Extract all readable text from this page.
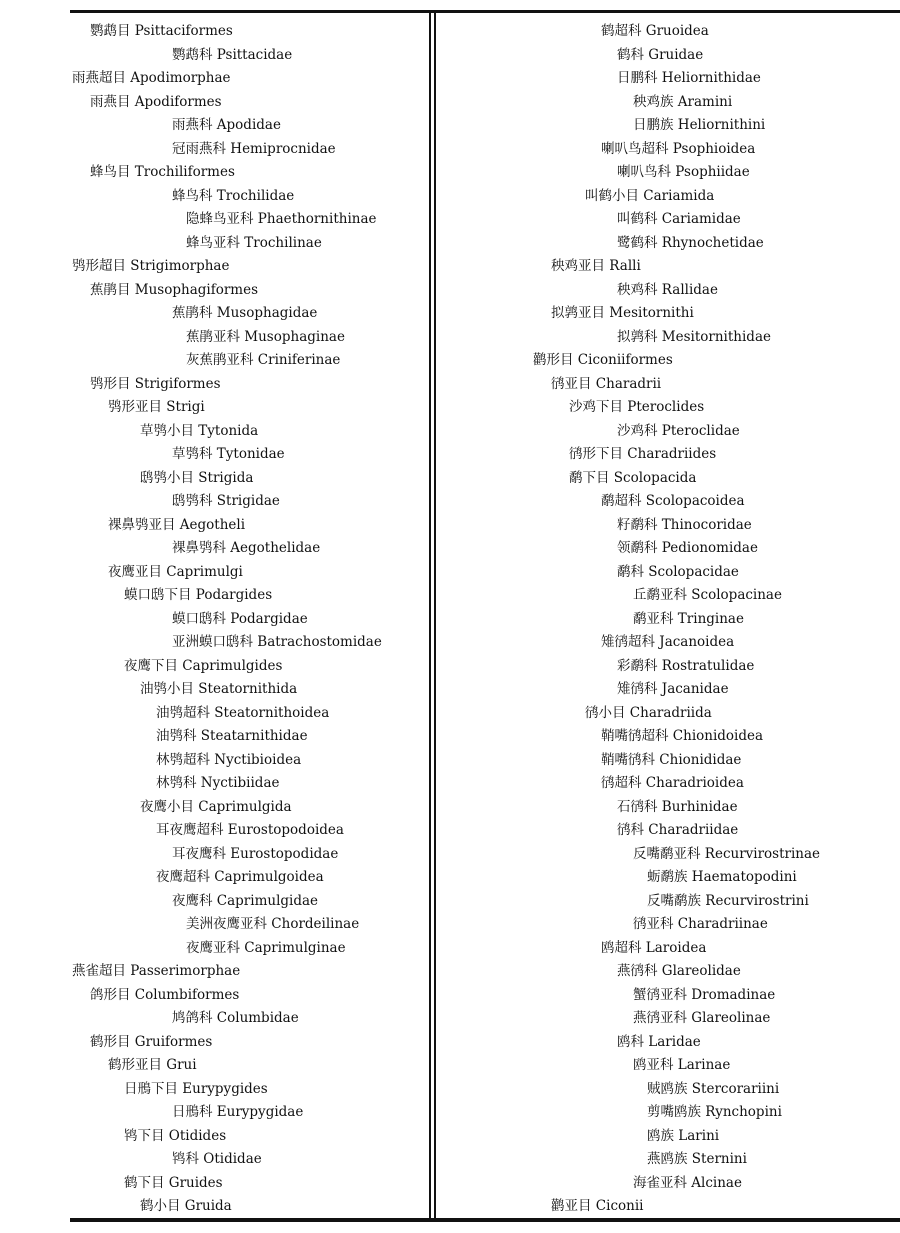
鹦鹉目 Psittaciformes
鹦鹉科 Psittacidae
雨燕超目 Apodimorphae
雨燕目 Apodiformes
雨燕科 Apodidae
冠雨燕科 Hemiprocnidae
蜂鸟目 Trochiliformes
蜂鸟科 Trochilidae
隐蜂鸟亚科 Phaethornithinae
蜂鸟亚科 Trochilinae
鸮形超目 Strigimorphae
蕉鹃目 Musophagiformes
蕉鹃科 Musophagidae
蕉鹃亚科 Musophaginae
灰蕉鹃亚科 Criniferinae
鸮形目 Strigiformes
鸮形亚目 Strigi
草鸮小目 Tytonida
草鸮科 Tytonidae
鸱鸮小目 Strigida
鸱鸮科 Strigidae
裸鼻鸮亚目 Aegotheli
裸鼻鸮科 Aegothelidae
夜鹰亚目 Caprimulgi
蟆口鸱下目 Podargides
蟆口鸱科 Podargidae
亚洲蟆口鸱科 Batrachostomidae
夜鹰下目 Caprimulgides
油鸮小目 Steatornithida
油鸮超科 Steatornithoidea
油鸮科 Steatarnithidae
林鸮超科 Nyctibioidea
林鸮科 Nyctibiidae
夜鹰小目 Caprimulgida
耳夜鹰超科 Eurostopodoidea
耳夜鹰科 Eurostopodidae
夜鹰超科 Caprimulgoidea
夜鹰科 Caprimulgidae
美洲夜鹰亚科 Chordeilinae
夜鹰亚科 Caprimulginae
燕雀超目 Passerimorphae
鸽形目 Columbiformes
鸠鸽科 Columbidae
鹤形目 Gruiformes
鹤形亚目 Grui
日鳽下目 Eurypygides
日鳽科 Eurypygidae
鸨下目 Otidides
鸨科 Otididae
鹤下目 Gruides
鹤小目 Gruida
鹤超科 Gruoidea
鹤科 Gruidae
日鹏科 Heliornithidae
秧鸡族 Aramini
日鹏族 Heliornithini
喇叭鸟超科 Psophioidea
喇叭鸟科 Psophiidae
叫鹤小目 Cariamida
叫鹤科 Cariamidae
鹭鹤科 Rhynochetidae
秧鸡亚目 Ralli
秧鸡科 Rallidae
拟鹑亚目 Mesitornithi
拟鹑科 Mesitornithidae
鹳形目 Ciconiiformes
鸻亚目 Charadrii
沙鸡下目 Pteroclides
沙鸡科 Pteroclidae
鸻形下目 Charadriides
鹬下目 Scolopacida
鹬超科 Scolopacoidea
籽鹬科 Thinocoridae
领鹬科 Pedionomidae
鹬科 Scolopacidae
丘鹬亚科 Scolopacinae
鹬亚科 Tringinae
雉鸻超科 Jacanoidea
彩鹬科 Rostratulidae
雉鸻科 Jacanidae
鸻小目 Charadriida
鞘嘴鸻超科 Chionidoidea
鞘嘴鸻科 Chionididae
鸻超科 Charadrioidea
石鸻科 Burhinidae
鸻科 Charadriidae
反嘴鹬亚科 Recurvirostrinae
蛎鹬族 Haematopodini
反嘴鹬族 Recurvirostrini
鸻亚科 Charadriinae
鸥超科 Laroidea
燕鸻科 Glareolidae
蟹鸻亚科 Dromadinae
燕鸻亚科 Glareolinae
鸥科 Laridae
鸥亚科 Larinae
贼鸥族 Stercorariini
剪嘴鸥族 Rynchopini
鸥族 Larini
燕鸥族 Sternini
海雀亚科 Alcinae
鹳亚目 Ciconii
